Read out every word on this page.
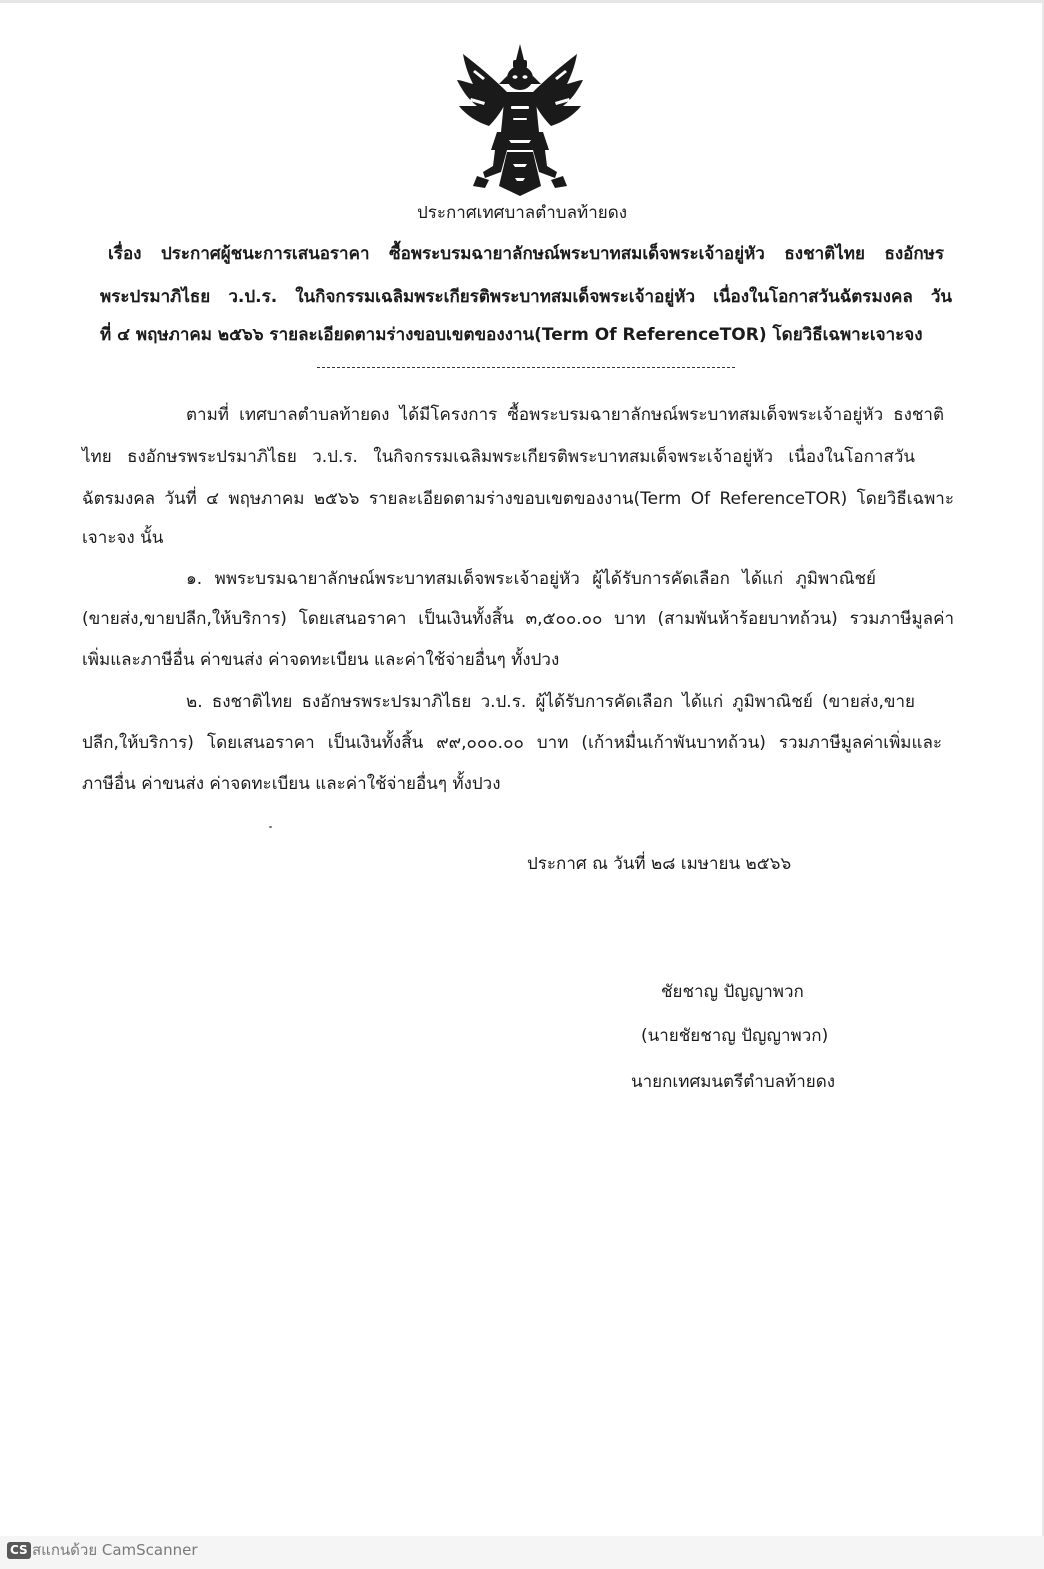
ประกาศเทศบาลตำบลท้ายดง
เรื่อง ประกาศผู้ชนะการเสนอราคา ซื้อพระบรมฉายาลักษณ์พระบาทสมเด็จพระเจ้าอยู่หัว ธงชาติไทย ธงอักษร
พระปรมาภิไธย ว.ป.ร. ในกิจกรรมเฉลิมพระเกียรติพระบาทสมเด็จพระเจ้าอยู่หัว เนื่องในโอกาสวันฉัตรมงคล วัน
ที่ ๔ พฤษภาคม ๒๕๖๖ รายละเอียดตามร่างขอบเขตของงาน(Term Of ReferenceTOR) โดยวิธีเฉพาะเจาะจง
ตามที่ เทศบาลตำบลท้ายดง ได้มีโครงการ ซื้อพระบรมฉายาลักษณ์พระบาทสมเด็จพระเจ้าอยู่หัว ธงชาติ
ไทย ธงอักษรพระปรมาภิไธย ว.ป.ร. ในกิจกรรมเฉลิมพระเกียรติพระบาทสมเด็จพระเจ้าอยู่หัว เนื่องในโอกาสวัน
ฉัตรมงคล วันที่ ๔ พฤษภาคม ๒๕๖๖ รายละเอียดตามร่างขอบเขตของงาน(Term Of ReferenceTOR) โดยวิธีเฉพาะ
เจาะจง นั้น
๑. พพระบรมฉายาลักษณ์พระบาทสมเด็จพระเจ้าอยู่หัว ผู้ได้รับการคัดเลือก ได้แก่ ภูมิพาณิชย์
(ขายส่ง,ขายปลีก,ให้บริการ) โดยเสนอราคา เป็นเงินทั้งสิ้น ๓,๕๐๐.๐๐ บาท (สามพันห้าร้อยบาทถ้วน) รวมภาษีมูลค่า
เพิ่มและภาษีอื่น ค่าขนส่ง ค่าจดทะเบียน และค่าใช้จ่ายอื่นๆ ทั้งปวง
๒. ธงชาติไทย ธงอักษรพระปรมาภิไธย ว.ป.ร. ผู้ได้รับการคัดเลือก ได้แก่ ภูมิพาณิชย์ (ขายส่ง,ขาย
ปลีก,ให้บริการ) โดยเสนอราคา เป็นเงินทั้งสิ้น ๙๙,๐๐๐.๐๐ บาท (เก้าหมื่นเก้าพันบาทถ้วน) รวมภาษีมูลค่าเพิ่มและ
ภาษีอื่น ค่าขนส่ง ค่าจดทะเบียน และค่าใช้จ่ายอื่นๆ ทั้งปวง
ประกาศ ณ วันที่ ๒๘ เมษายน ๒๕๖๖
ชัยชาญ ปัญญาพวก
(นายชัยชาญ ปัญญาพวก)
นายกเทศมนตรีตำบลท้ายดง
CS สแกนด้วย CamScanner
